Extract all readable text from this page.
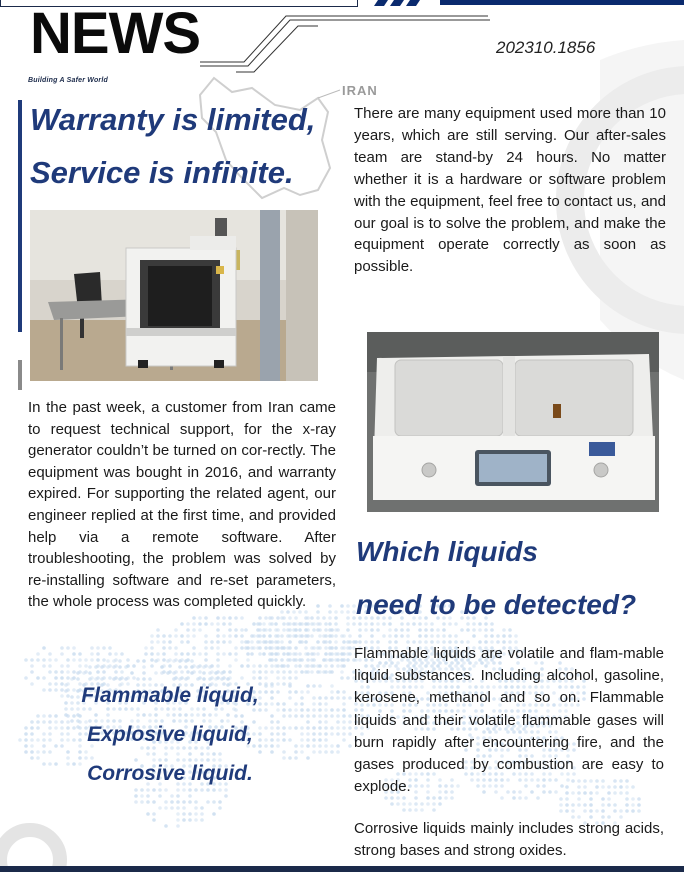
NEWS	202310.1856
Building A Safer World
IRAN
Warranty is limited,
Service is infinite.

In the past week, a customer from Iran came to request technical support, for the x-ray generator couldn’t be turned on cor-rectly. The equipment was bought in 2016, and warranty expired. For supporting the related agent, our engineer replied at the first time, and provided help via a remote software. After troubleshooting, the problem was solved by re-installing software and re-set parameters, the whole process was completed quickly.

Flammable liquid,
Explosive liquid,
Corrosive liquid.

There are many equipment used more than 10 years, which are still serving. Our after-sales team are stand-by 24 hours. No matter whether it is a hardware or software problem with the equipment, feel free to contact us, and our goal is to solve the problem, and make the equipment operate correctly as soon as possible.

Which liquids
need to be detected?

Flammable liquids are volatile and flam-mable liquid substances. Including alcohol, gasoline, kerosene, methanol and so on. Flammable liquids and their volatile flammable gases will burn rapidly after encountering fire, and the gases produced by combustion are easy to explode.

Corrosive liquids mainly includes strong acids, strong bases and strong oxides.
